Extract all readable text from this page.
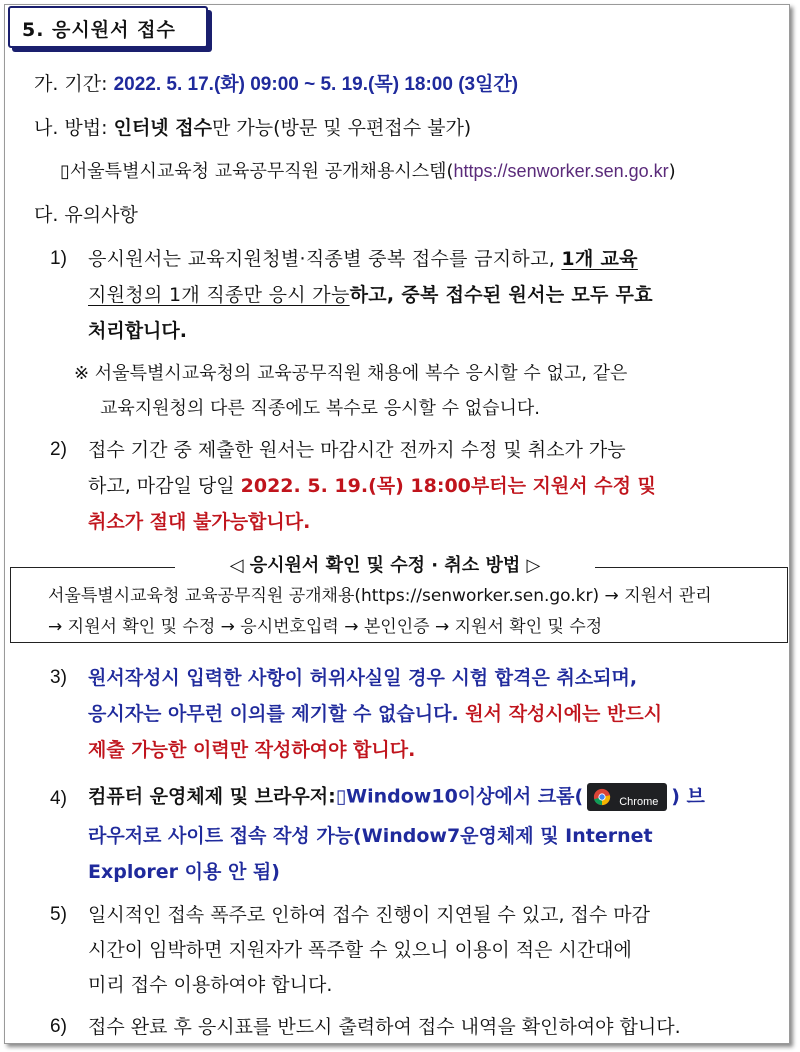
5. 응시원서 접수
가. 기간: 2022. 5. 17.(화) 09:00 ~ 5. 19.(목) 18:00 (3일간)
나. 방법: 인터넷 접수만 가능(방문 및 우편접수 불가)
▯서울특별시교육청 교육공무직원 공개채용시스템(https://senworker.sen.go.kr)
다. 유의사항
1) 응시원서는 교육지원청별·직종별 중복 접수를 금지하고, 1개 교육
지원청의 1개 직종만 응시 가능하고, 중복 접수된 원서는 모두 무효
처리합니다.
※ 서울특별시교육청의 교육공무직원 채용에 복수 응시할 수 없고, 같은
교육지원청의 다른 직종에도 복수로 응시할 수 없습니다.
2) 접수 기간 중 제출한 원서는 마감시간 전까지 수정 및 취소가 가능
하고, 마감일 당일 2022. 5. 19.(목) 18:00부터는 지원서 수정 및
취소가 절대 불가능합니다.
◁ 응시원서 확인 및 수정 · 취소 방법 ▷
서울특별시교육청 교육공무직원 공개채용(https://senworker.sen.go.kr) → 지원서 관리
→ 지원서 확인 및 수정 → 응시번호입력 → 본인인증 → 지원서 확인 및 수정
3) 원서작성시 입력한 사항이 허위사실일 경우 시험 합격은 취소되며,
응시자는 아무런 이의를 제기할 수 없습니다. 원서 작성시에는 반드시
제출 가능한 이력만 작성하여야 합니다.
4) 컴퓨터 운영체제 및 브라우저:▯Window10이상에서 크롬(	Chrome ) 브
라우저로 사이트 접속 작성 가능(Window7운영체제 및 Internet
Explorer 이용 안 됨)
5) 일시적인 접속 폭주로 인하여 접수 진행이 지연될 수 있고, 접수 마감
시간이 임박하면 지원자가 폭주할 수 있으니 이용이 적은 시간대에
미리 접수 이용하여야 합니다.
6) 접수 완료 후 응시표를 반드시 출력하여 접수 내역을 확인하여야 합니다.
